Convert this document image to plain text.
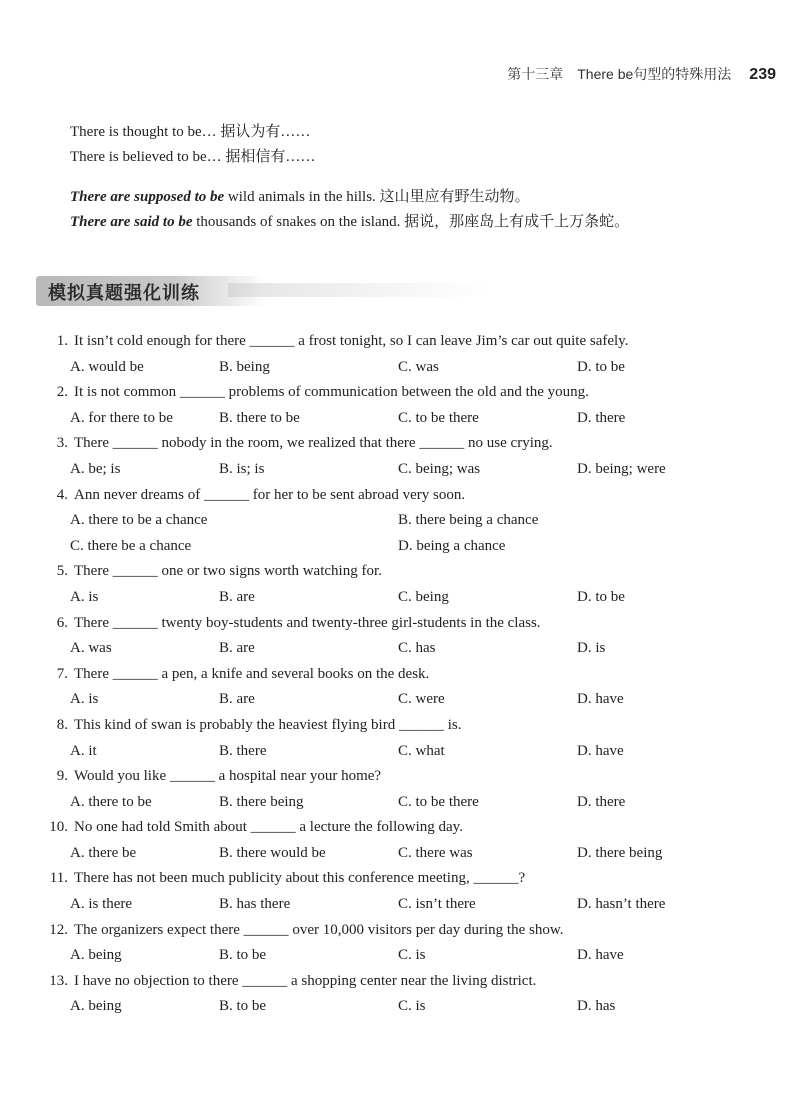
第十三章　There be句型的特殊用法 239
There is thought to be… 据认为有……
There is believed to be… 据相信有……
There are supposed to be wild animals in the hills. 这山里应有野生动物。
There are said to be thousands of snakes on the island. 据说，那座岛上有成千上万条蛇。
模拟真题强化训练
1. It isn’t cold enough for there ______ a frost tonight, so I can leave Jim’s car out quite safely.
A. would be	B. being	C. was	D. to be
2. It is not common ______ problems of communication between the old and the young.
A. for there to be	B. there to be	C. to be there	D. there
3. There ______ nobody in the room, we realized that there ______ no use crying.
A. be; is	B. is; is	C. being; was	D. being; were
4. Ann never dreams of ______ for her to be sent abroad very soon.
A. there to be a chance	B. there being a chance
C. there be a chance	D. being a chance
5. There ______ one or two signs worth watching for.
A. is	B. are	C. being	D. to be
6. There ______ twenty boy-students and twenty-three girl-students in the class.
A. was	B. are	C. has	D. is
7. There ______ a pen, a knife and several books on the desk.
A. is	B. are	C. were	D. have
8. This kind of swan is probably the heaviest flying bird ______ is.
A. it	B. there	C. what	D. have
9. Would you like ______ a hospital near your home?
A. there to be	B. there being	C. to be there	D. there
10. No one had told Smith about ______ a lecture the following day.
A. there be	B. there would be	C. there was	D. there being
11. There has not been much publicity about this conference meeting, ______?
A. is there	B. has there	C. isn’t there	D. hasn’t there
12. The organizers expect there ______ over 10,000 visitors per day during the show.
A. being	B. to be	C. is	D. have
13. I have no objection to there ______ a shopping center near the living district.
A. being	B. to be	C. is	D. has
